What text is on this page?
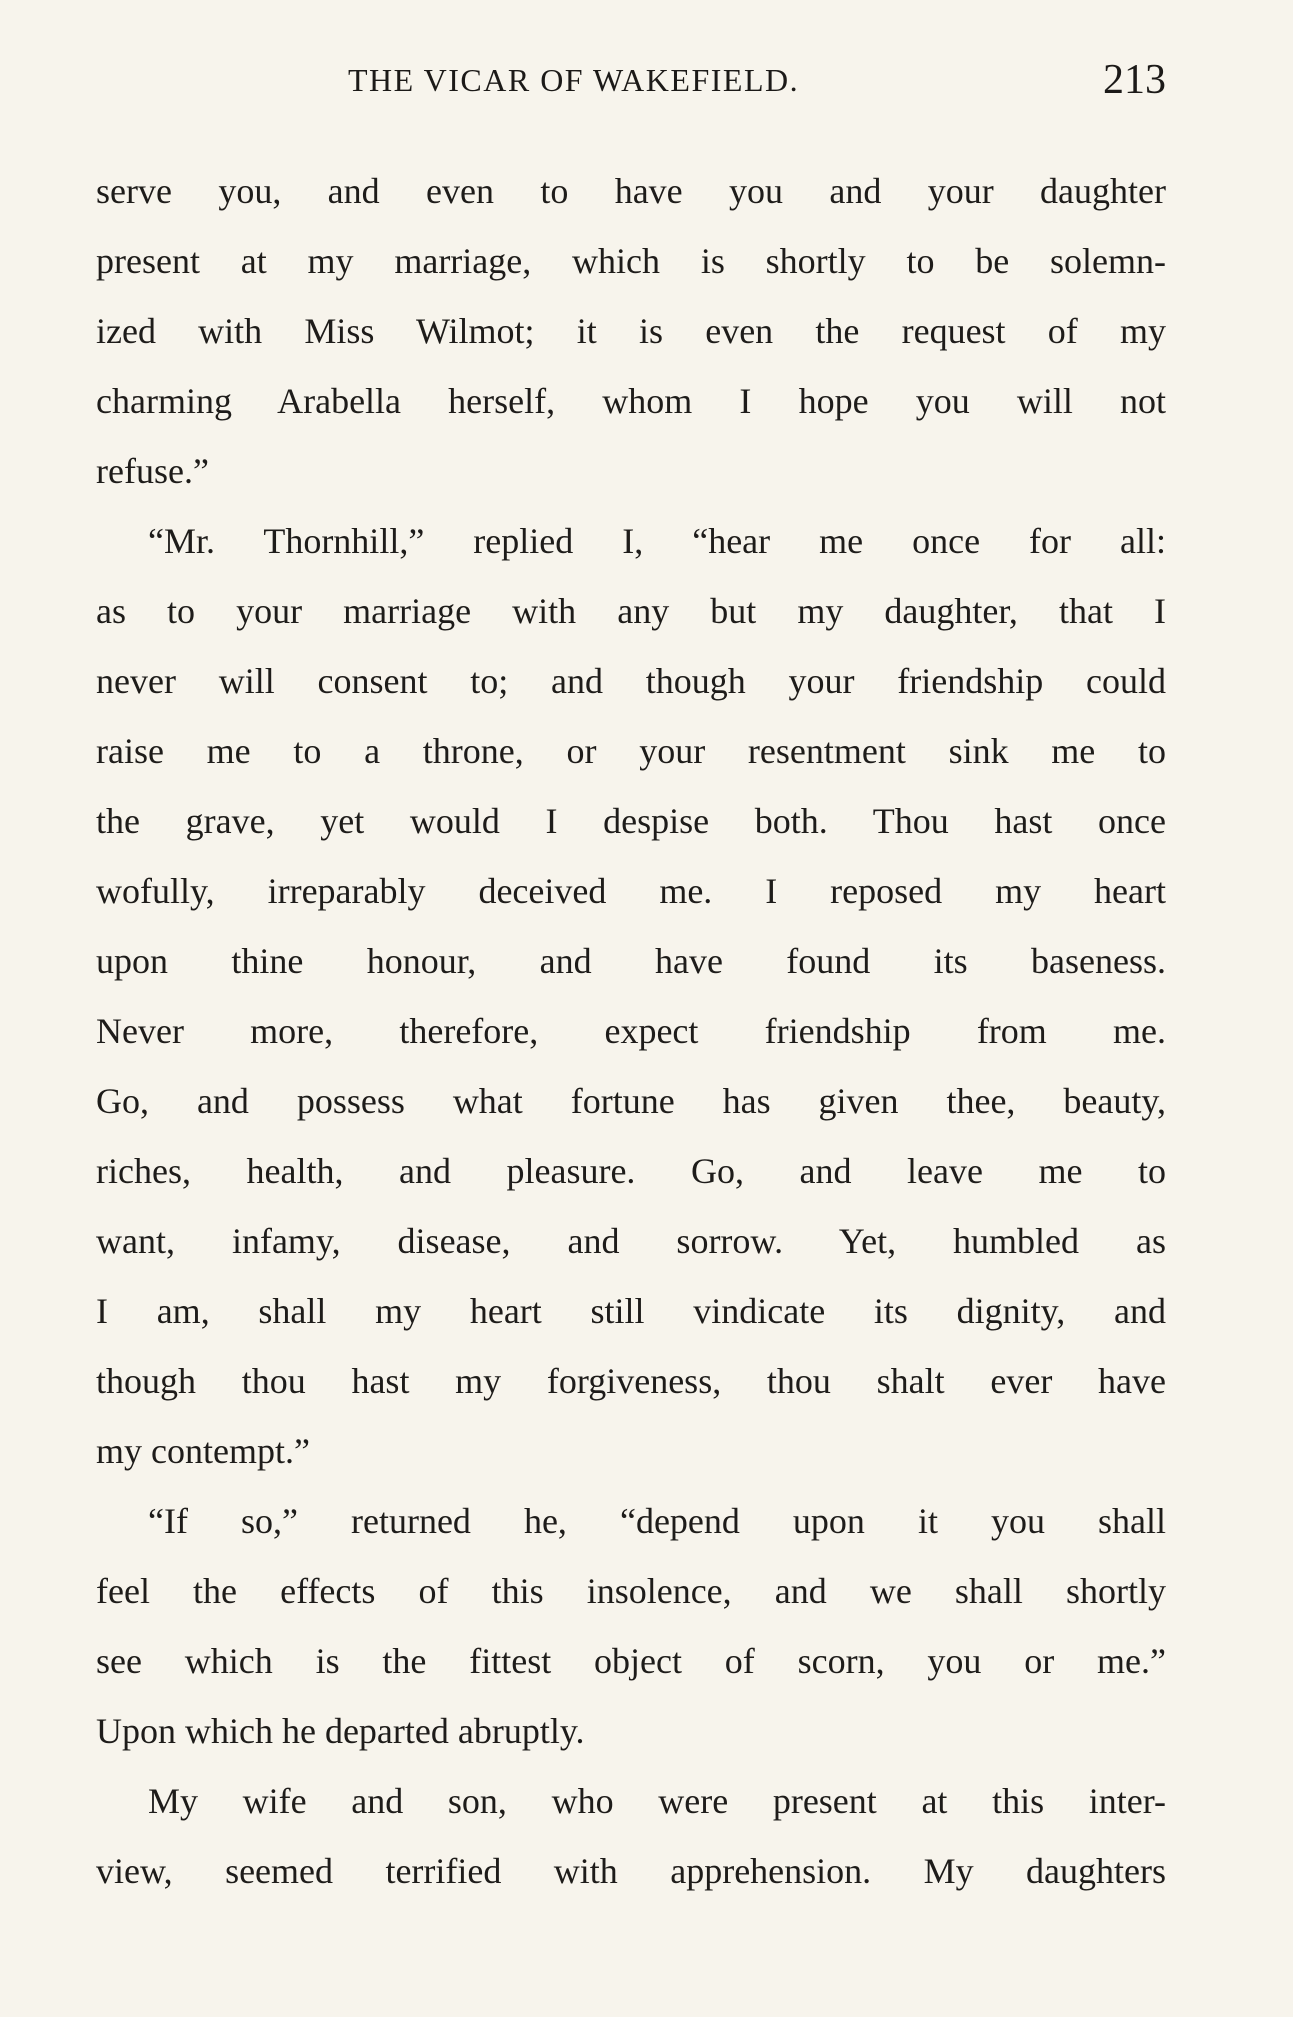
THE VICAR OF WAKEFIELD.	213
serve you, and even to have you and your daughter
present at my marriage, which is shortly to be solemn-
ized with Miss Wilmot; it is even the request of my
charming Arabella herself, whom I hope you will not
refuse.”
“Mr. Thornhill,” replied I, “hear me once for all:
as to your marriage with any but my daughter, that I
never will consent to; and though your friendship could
raise me to a throne, or your resentment sink me to
the grave, yet would I despise both. Thou hast once
wofully, irreparably deceived me. I reposed my heart
upon thine honour, and have found its baseness.
Never more, therefore, expect friendship from me.
Go, and possess what fortune has given thee, beauty,
riches, health, and pleasure. Go, and leave me to
want, infamy, disease, and sorrow. Yet, humbled as
I am, shall my heart still vindicate its dignity, and
though thou hast my forgiveness, thou shalt ever have
my contempt.”
“If so,” returned he, “depend upon it you shall
feel the effects of this insolence, and we shall shortly
see which is the fittest object of scorn, you or me.”
Upon which he departed abruptly.
My wife and son, who were present at this inter-
view, seemed terrified with apprehension. My daughters
